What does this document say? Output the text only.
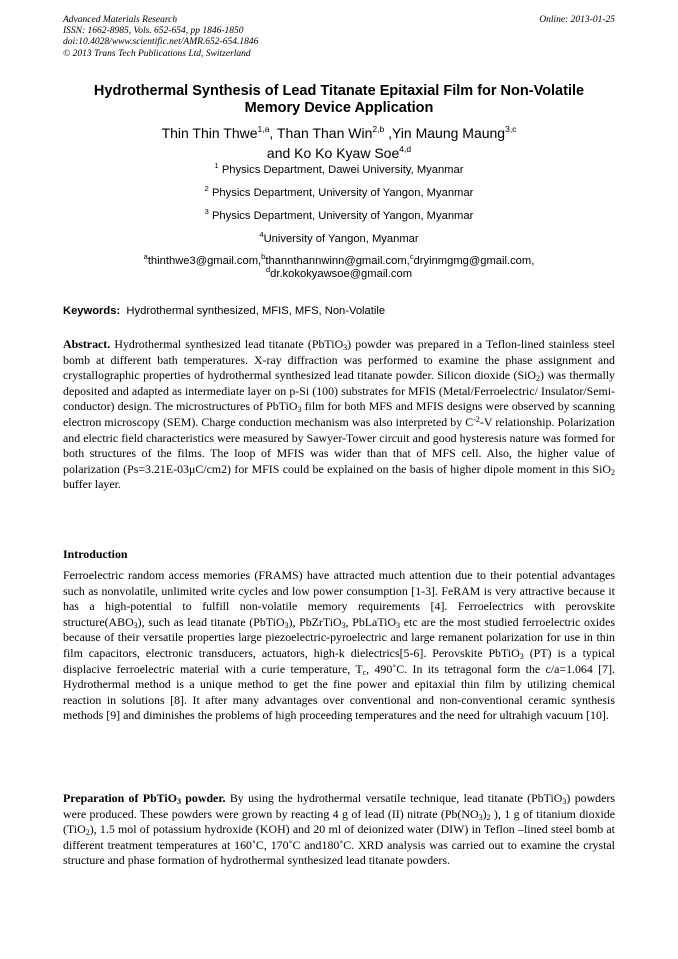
Advanced Materials Research
ISSN: 1662-8985, Vols. 652-654, pp 1846-1850
doi:10.4028/www.scientific.net/AMR.652-654.1846
© 2013 Trans Tech Publications Ltd, Switzerland
Online: 2013-01-25
Hydrothermal Synthesis of Lead Titanate Epitaxial Film for Non-Volatile
Memory Device Application
Thin Thin Thwe$^{1,a}$, Than Than Win$^{2,b}$ ,Yin Maung Maung$^{3,c}$
and Ko Ko Kyaw Soe$^{4,d}$
$^1$ Physics Department, Dawei University, Myanmar
$^2$ Physics Department, University of Yangon, Myanmar
$^3$ Physics Department, University of Yangon, Myanmar
$^4$University of Yangon, Myanmar
$^a$thinthwe3@gmail.com,$^b$thannthannwinn@gmail.com,$^c$dryinmgmg@gmail.com,
$^d$dr.kokokyawsoe@gmail.com
Keywords: Hydrothermal synthesized, MFIS, MFS, Non-Volatile
Abstract. Hydrothermal synthesized lead titanate (PbTiO$_3$) powder was prepared in a Teflon-lined stainless steel bomb at different bath temperatures. X-ray diffraction was performed to examine the phase assignment and crystallographic properties of hydrothermal synthesized lead titanate powder. Silicon dioxide (SiO$_2$) was thermally deposited and adapted as intermediate layer on p-Si (100) substrates for MFIS (Metal/Ferroelectric/ Insulator/Semi-conductor) design. The microstructures of PbTiO$_3$ film for both MFS and MFIS designs were observed by scanning electron microscopy (SEM). Charge conduction mechanism was also interpreted by $C^{-2}-V$ relationship. Polarization and electric field characteristics were measured by Sawyer-Tower circuit and good hysteresis nature was formed for both structures of the films. The loop of MFIS was wider than that of MFS cell. Also, the higher value of polarization (Ps=3.21E-03μC/cm2) for MFIS could be explained on the basis of higher dipole moment in this SiO$_2$ buffer layer.
Introduction
Ferroelectric random access memories (FRAMS) have attracted much attention due to their potential advantages such as nonvolatile, unlimited write cycles and low power consumption [1-3]. FeRAM is very attractive because it has a high-potential to fulfill non-volatile memory requirements [4]. Ferroelectrics with perovskite $structure(ABO_3)$, such as lead titanate (PbTiO$_3$), PbZrTiO$_3$, PbLaTiO$_3$ etc are the most studied ferroelectric oxides because of their versatile properties large piezoelectric-pyroelectric and large remanent polarization for use in thin film capacitors, electronic transducers, actuators, high-k dielectrics[5-6]. Perovskite PbTiO$_3$ (PT) is a typical displacive ferroelectric material with a curie temperature, $T_c$, 490˚C. In its tetragonal form the c/a=1.064 [7]. Hydrothermal method is a unique method to get the fine power and epitaxial thin film by utilizing chemical reaction in solutions [8]. It after many advantages over conventional and non-conventional ceramic synthesis methods [9] and diminishes the problems of high proceeding temperatures and the need for ultrahigh vacuum [10].
Preparation of PbTiO$_3$ powder. By using the hydrothermal versatile technique, lead titanate (PbTiO$_3$) powders were produced. These powders were grown by reacting 4 g of lead (II) nitrate ($Pb(NO_3)_2$ ), 1 g of titanium dioxide (TiO$_2$), 1.5 mol of potassium hydroxide (KOH) and 20 ml of deionized water (DIW) in Teflon –lined steel bomb at different treatment temperatures at 160˚C, 170˚C and180˚C. XRD analysis was carried out to examine the crystal structure and phase formation of hydrothermal synthesized lead titanate powders.
